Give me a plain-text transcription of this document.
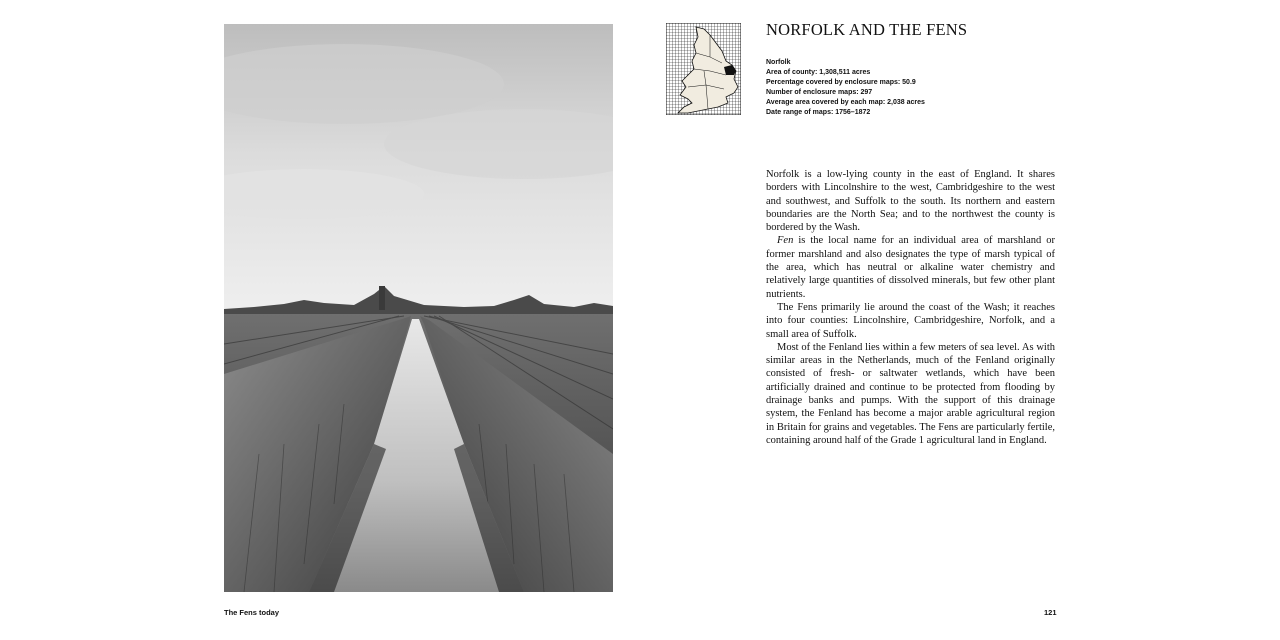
The Fens today
NORFOLK AND THE FENS
Norfolk
Area of county: 1,308,511 acres
Percentage covered by enclosure maps: 50.9
Number of enclosure maps: 297
Average area covered by each map: 2,038 acres
Date range of maps: 1756–1872

Norfolk is a low-lying county in the east of England. It shares borders with Lincolnshire to the west, Cambridgeshire to the west and southwest, and Suffolk to the south. Its northern and eastern boundaries are the North Sea; and to the northwest the county is bordered by the Wash.

Fen is the local name for an individual area of marshland or former marshland and also designates the type of marsh typical of the area, which has neutral or alkaline water chemistry and relatively large quantities of dissolved minerals, but few other plant nutrients.

The Fens primarily lie around the coast of the Wash; it reaches into four counties: Lincolnshire, Cambridgeshire, Norfolk, and a small area of Suffolk.

Most of the Fenland lies within a few meters of sea level. As with similar areas in the Netherlands, much of the Fenland originally consisted of fresh- or saltwater wetlands, which have been artificially drained and continue to be protected from flooding by drainage banks and pumps. With the support of this drainage system, the Fenland has become a major arable agricultural region in Britain for grains and vegetables. The Fens are particularly fertile, containing around half of the Grade 1 agricultural land in England.

121
